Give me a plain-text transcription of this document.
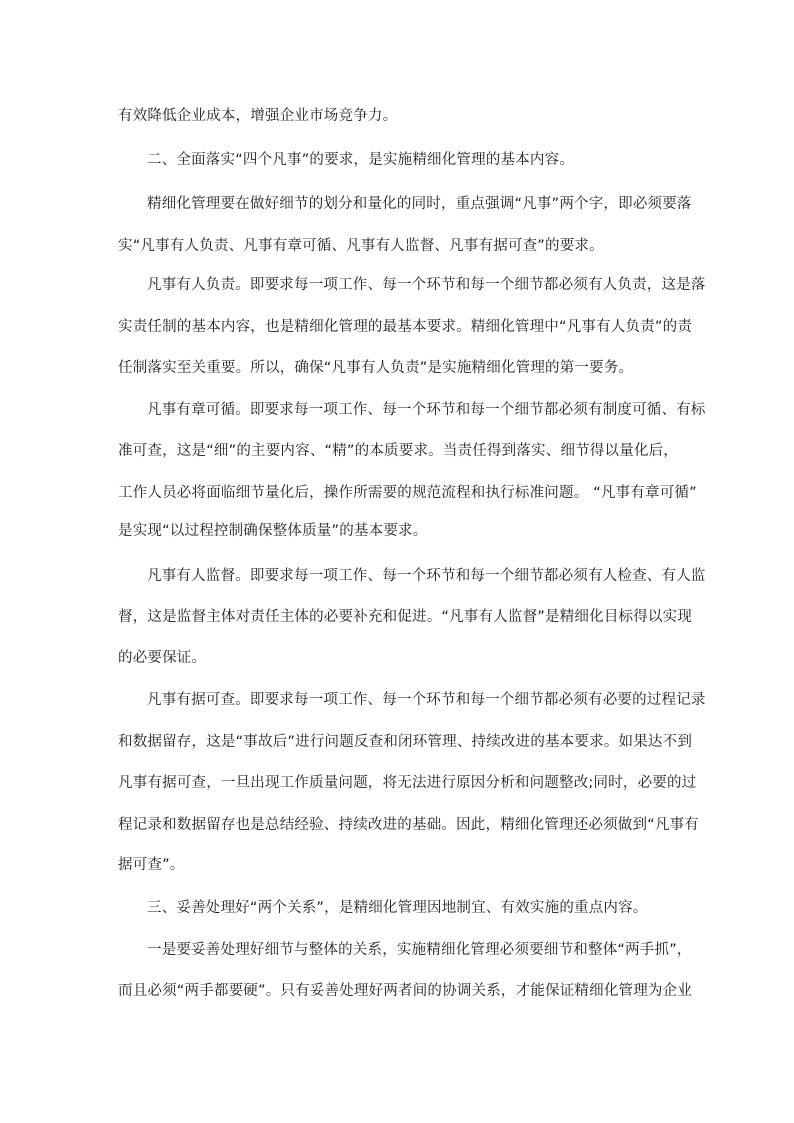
有效降低企业成本，增强企业市场竞争力。
二、全面落实“四个凡事”的要求，是实施精细化管理的基本内容。
精细化管理要在做好细节的划分和量化的同时，重点强调“凡事”两个字，即必须要落
实“凡事有人负责、凡事有章可循、凡事有人监督、凡事有据可查”的要求。
凡事有人负责。即要求每一项工作、每一个环节和每一个细节都必须有人负责，这是落
实责任制的基本内容，也是精细化管理的最基本要求。精细化管理中“凡事有人负责”的责
任制落实至关重要。所以，确保“凡事有人负责”是实施精细化管理的第一要务。
凡事有章可循。即要求每一项工作、每一个环节和每一个细节都必须有制度可循、有标
准可查，这是“细”的主要内容、“精”的本质要求。当责任得到落实、细节得以量化后，
工作人员必将面临细节量化后，操作所需要的规范流程和执行标准问题。 “凡事有章可循”
是实现“以过程控制确保整体质量”的基本要求。
凡事有人监督。即要求每一项工作、每一个环节和每一个细节都必须有人检查、有人监
督，这是监督主体对责任主体的必要补充和促进。“凡事有人监督”是精细化目标得以实现
的必要保证。
凡事有据可查。即要求每一项工作、每一个环节和每一个细节都必须有必要的过程记录
和数据留存，这是“事故后”进行问题反查和闭环管理、持续改进的基本要求。如果达不到
凡事有据可查，一旦出现工作质量问题，将无法进行原因分析和问题整改;同时，必要的过
程记录和数据留存也是总结经验、持续改进的基础。因此，精细化管理还必须做到“凡事有
据可查”。
三、妥善处理好“两个关系”，是精细化管理因地制宜、有效实施的重点内容。
一是要妥善处理好细节与整体的关系，实施精细化管理必须要细节和整体“两手抓”，
而且必须“两手都要硬”。只有妥善处理好两者间的协调关系，才能保证精细化管理为企业
